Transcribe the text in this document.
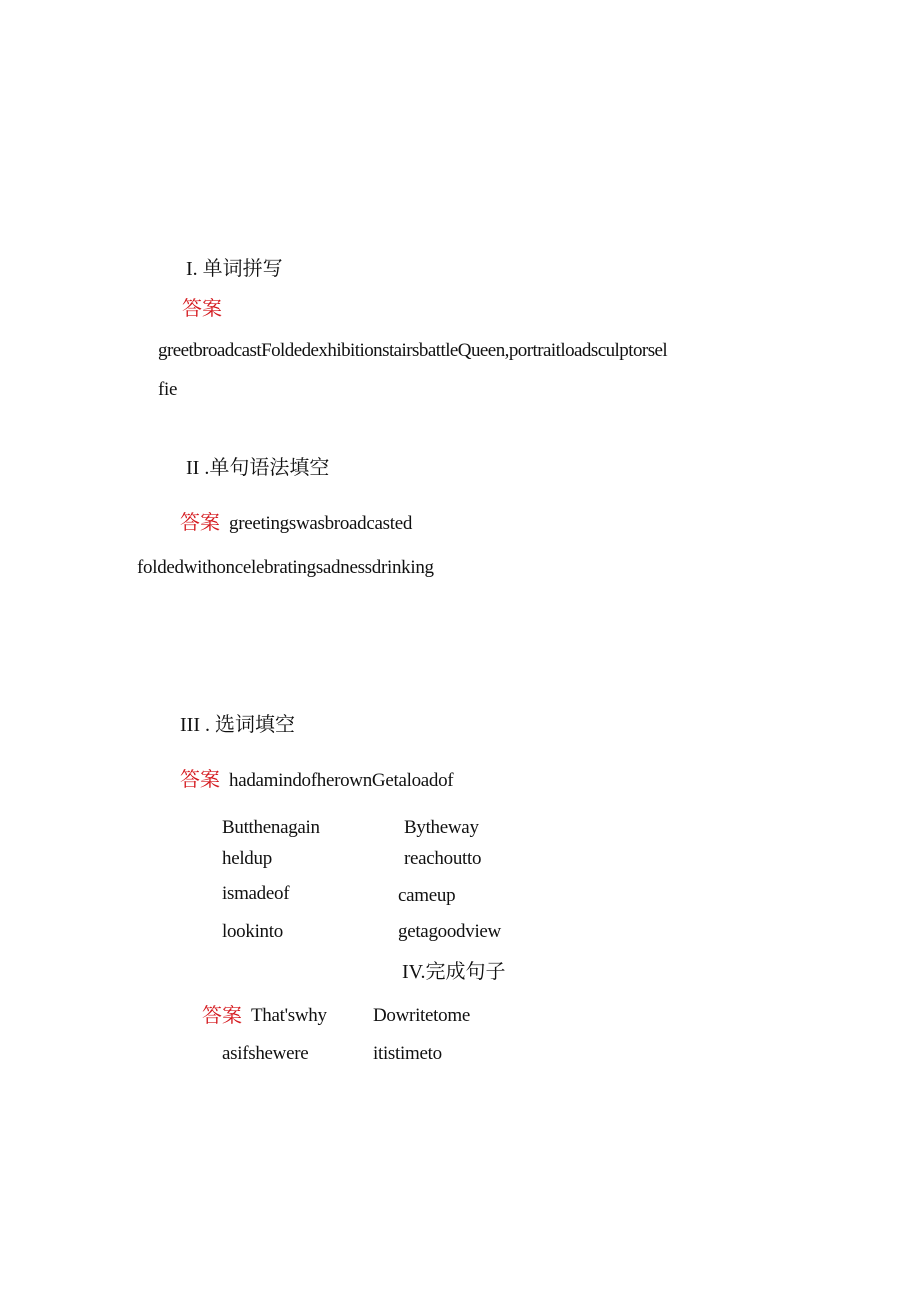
I. 单词拼写
答案
greetbroadcastFoldedexhibitionstairsbattleQueen,portraitloadsculptorsel
fie
II .单句语法填空
答案 greetingswasbroadcasted
foldedwithoncelebratingsadnessdrinking
III . 选词填空
答案 hadamindofherownGetaloadof
Butthenagain	Bytheway
heldup	reachoutto
ismadeof	cameup
lookinto	getagoodview
IV.完成句子
答案 That'swhy Dowritetome
asifshewere	itistimeto
